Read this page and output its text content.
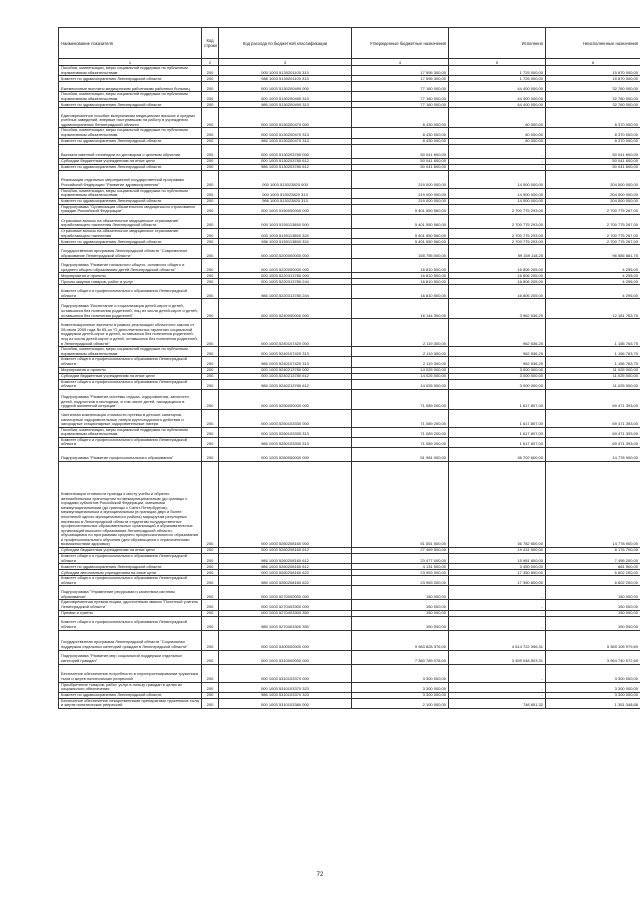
Наименование показателя	Код строки	Код расхода по бюджетной классификации	Утвержденные бюджетные назначения	Исполнено	Неисполненные назначения
1	2	3	4	5	6
Пособия, компенсации, меры социальной поддержки по публичным нормативным обязательствам	200	000 1003 5130201100 313	17 595 300,00	1 725 000,00	15 870 000,00
Комитет по здравоохранению Ленинградской области	200	986 1003 5130201100 313	17 595 300,00	1 725 000,00	15 870 000,00
Ежемесячные выплаты медицинским работникам районных больниц	200	000 1003 5130200490 000	77 160 000,00	44 400 000,00	32 760 000,00
Пособия, компенсации, меры социальной поддержки по публичным нормативным обязательствам	200	000 1003 5130200490 313	77 160 000,00	44 400 000,00	32 760 000,00
Комитет по здравоохранению Ленинградской области	200	986 1003 5130200490 313	77 160 000,00	44 400 000,00	32 760 000,00
Единовременное пособие выпускникам медицинских высших и средних учебных заведений, впервые поступившим на работу в учреждения здравоохранения Ленинградской области	200	000 1003 5130200470 000	8 430 000,00	60 000,00	8 370 000,00
Пособия, компенсации, меры социальной поддержки по публичным нормативным обязательствам	200	000 1003 5130200470 313	8 430 000,00	60 000,00	8 370 000,00
Комитет по здравоохранению Ленинградской области	200	986 1003 5130200470 313	8 430 000,00	60 000,00	8 370 000,00
Выплата именной стипендии по договорам о целевом обучении	200	000 1003 5130203780 000	50 041 600,00	-	50 041 600,00
Субсидии бюджетным учреждениям на иные цели	200	000 1003 5130203780 612	50 041 600,00	-	50 041 600,00
Комитет по здравоохранению Ленинградской области	200	986 1003 5130203780 612	50 041 600,00	-	50 041 600,00
Реализация отдельных мероприятий государственной программы Российской Федерации "Развитие здравоохранения"	200	000 1003 513023820 000	219 000 000,00	14 500 000,00	204 500 000,00
Пособия, компенсации, меры социальной поддержки по публичным нормативным обязательствам	200	000 1003 513023820 313	219 000 000,00	14 500 000,00	204 500 000,00
Комитет по здравоохранению Ленинградской области	200	986 1003 513023820 313	219 000 000,00	14 500 000,00	204 500 000,00
Подпрограмма "Организация обязательного медицинского страхования граждан Российской Федерации"	200	000 1003 5150000000 000	5 401 550 560,00	2 700 775 293,00	2 700 775 267,00
Страховые взносы на обязательное медицинское страхование неработающего населения Ленинградской области	200	000 1003 5150113850 000	5 401 550 560,00	2 700 775 293,00	2 700 775 267,00
Страховые взносы на обязательное медицинское страхование неработающего населения	200	000 1003 5150113850 324	5 401 550 560,00	2 700 775 293,00	2 700 775 267,00
Комитет по здравоохранению Ленинградской области	200	986 1003 5150113850 324	5 401 550 560,00	2 700 775 293,00	2 700 775 267,00
Государственная программа Ленинградской области "Современное образование Ленинградской области"	200	000 1003 5200000000 000	155 755 000,00	59 169 118,25	96 585 881,75
Подпрограмма "Развитие начального общего, основного общего и среднего общего образования детей Ленинградской области"	200	000 1003 5220000000 000	16 810 500,00	16 806 205,00	4 295,00
Мероприятия и проекты	200	000 1003 5220313780 000	16 810 500,00	16 806 205,00	4 295,00
Прочая закупка товаров, работ и услуг	200	000 1003 5220313780 244	16 810 500,00	16 806 205,00	4 295,00
Комитет общего и профессионального образования Ленинградской области	200	986 1003 5220313780 244	16 810 500,00	16 806 205,00	4 295,00
Подпрограмма "Воспитание и социализация детей-сирот и детей, оставшихся без попечения родителей, лиц из числа детей-сирот и детей, оставшихся без попечения родителей"	200	000 1003 5240000000 000	16 144 300,00	3 962 536,25	12 181 763,75
Компенсационные выплаты в рамках реализации областного закона от 28 июля 2005 года № 65-оз "О дополнительных гарантиях социальной поддержки детей-сирот и детей, оставшихся без попечения родителей, лиц из числа детей-сирот и детей, оставшихся без попечения родителей, в Ленинградской области"	200	000 1003 5240107420 000	2 119 300,00	962 536,25	1 156 763,75
Пособия, компенсации, меры социальной поддержки по публичным нормативным обязательствам	200	000 1003 5240107420 313	2 119 300,00	962 536,25	1 156 763,75
Комитет общего и профессионального образования Ленинградской области	200	986 1003 5240107420 313	2 119 300,00	962 536,25	1 156 763,75
Мероприятия и проекты	200	000 1003 5240213780 000	14 025 000,00	3 000 000,00	11 025 000,00
Субсидии бюджетным учреждениям на иные цели	200	000 1003 5240213780 612	14 025 000,00	3 000 000,00	11 025 000,00
Комитет общего и профессионального образования Ленинградской области	200	986 1003 5240213780 612	14 025 000,00	3 000 000,00	11 025 000,00
Подпрограмма "Развитие системы отдыха, оздоровления, занятости детей, подростков и молодежи, в том числе детей, находящихся в трудной жизненной ситуации"	200	000 1003 5250000000 000	71 089 200,00	1 617 807,00	69 471 393,00
Частичная компенсация стоимости путевки в детские санатории, санаторные оздоровительные лагеря круглогодичного действия и загородные стационарные оздоровительные лагеря	200	000 1003 5250103330 000	71 089 200,00	1 617 807,00	69 471 393,00
Пособия, компенсации, меры социальной поддержки по публичным нормативным обязательствам	200	000 1003 5250103330 313	71 089 200,00	1 617 807,00	69 471 393,00
Комитет общего и профессионального образования Ленинградской области	200	986 1003 5250103330 313	71 089 200,00	1 617 807,00	69 471 393,00
Подпрограмма "Развитие профессионального образования"	200	000 1003 5260000000 000	51 981 000,00	36 702 600,00	14 778 900,00
Компенсация стоимости проезда к месту учебы и обратно автомобильным транспортом по межмуниципальным (до границы с городами субъектов Российской Федерации, смежными межмуниципальными (до границы с Санкт-Петербургом), межмуниципальным и муниципальным (в границах двух и более поселений одного муниципального района) маршрутам регулярных перевозок в Ленинградской области студентам государственных профессиональных образовательных организаций и образовательных организаций высшего образования Ленинградской области, обучающимся по программам среднего профессионального образования и профессионального обучения (для обучающихся с ограниченными возможностями здоровья)	200	000 1003 5260208160 000	51 551 500,00	36 782 600,00	14 778 900,00
Субсидии бюджетным учреждениям на иные цели	200	000 1003 5260208160 612	27 469 500,00	19 431 900,00	8 176 700,00
Комитет общего и профессионального образования Ленинградской области	200	986 1003 5260208160 612	23 477 000,00	15 981 800,00	7 495 200,00
Комитет по здравоохранению Ленинградской области	200	986 1003 5260208160 612	4 131 500,00	3 450 000,00	681 500,00
Субсидии автономным учреждениям на иные цели	200	000 1003 5260208160 622	23 953 000,00	17 350 800,00	6 602 200,00
Комитет общего и профессионального образования Ленинградской области	200	986 1003 5260208160 622	23 953 000,00	17 350 800,00	6 602 200,00
Подпрограмма "Управление ресурсами и качеством системы образования"	200	000 1003 5270000000 000	150 000,00	-	150 000,00
Единовременная премия лицам, удостоенным звания "Почетный учитель Ленинградской области"	200	000 1003 5270403300 000	150 000,00	-	150 000,00
Премии и гранты	200	000 1003 5270403300 350	150 000,00	-	150 000,00
Комитет общего и профессионального образования Ленинградской области	200	986 1003 5270403300 350	150 000,00	-	150 000,00
Государственная программа Ленинградской области "Социальная поддержка отдельных категорий граждан в Ленинградской области"	200	000 1003 5300000000 000	9 983 828 376,00	4 614 722 396,31	5 369 105 979,69
Подпрограмма "Развитие мер социальной поддержки отдельных категорий граждан"	200	000 1003 5310000000 000	7 380 789 078,00	3 459 048 503,31	3 964 740 572,69
Бесплатное обеспечение потребности в слухопротезировании труженика тыла и жертв политических репрессий	200	000 1003 5310103370 000	3 300 000,00	-	3 300 000,00
Приобретение товаров, работ, услуг в пользу граждан в целях их социального обеспечения	200	000 1003 5310103370 323	3 300 000,00	-	3 300 000,00
Комитет по здравоохранению Ленинградской области	200	986 1003 5310103370 323	3 300 000,00	-	3 300 000,00
Бесплатное обеспечение лекарственными препаратами тружеников тыла и жертв политических репрессий	200	000 1003 5310103380 000	2 100 000,00	748 651,32	1 351 348,68
72
